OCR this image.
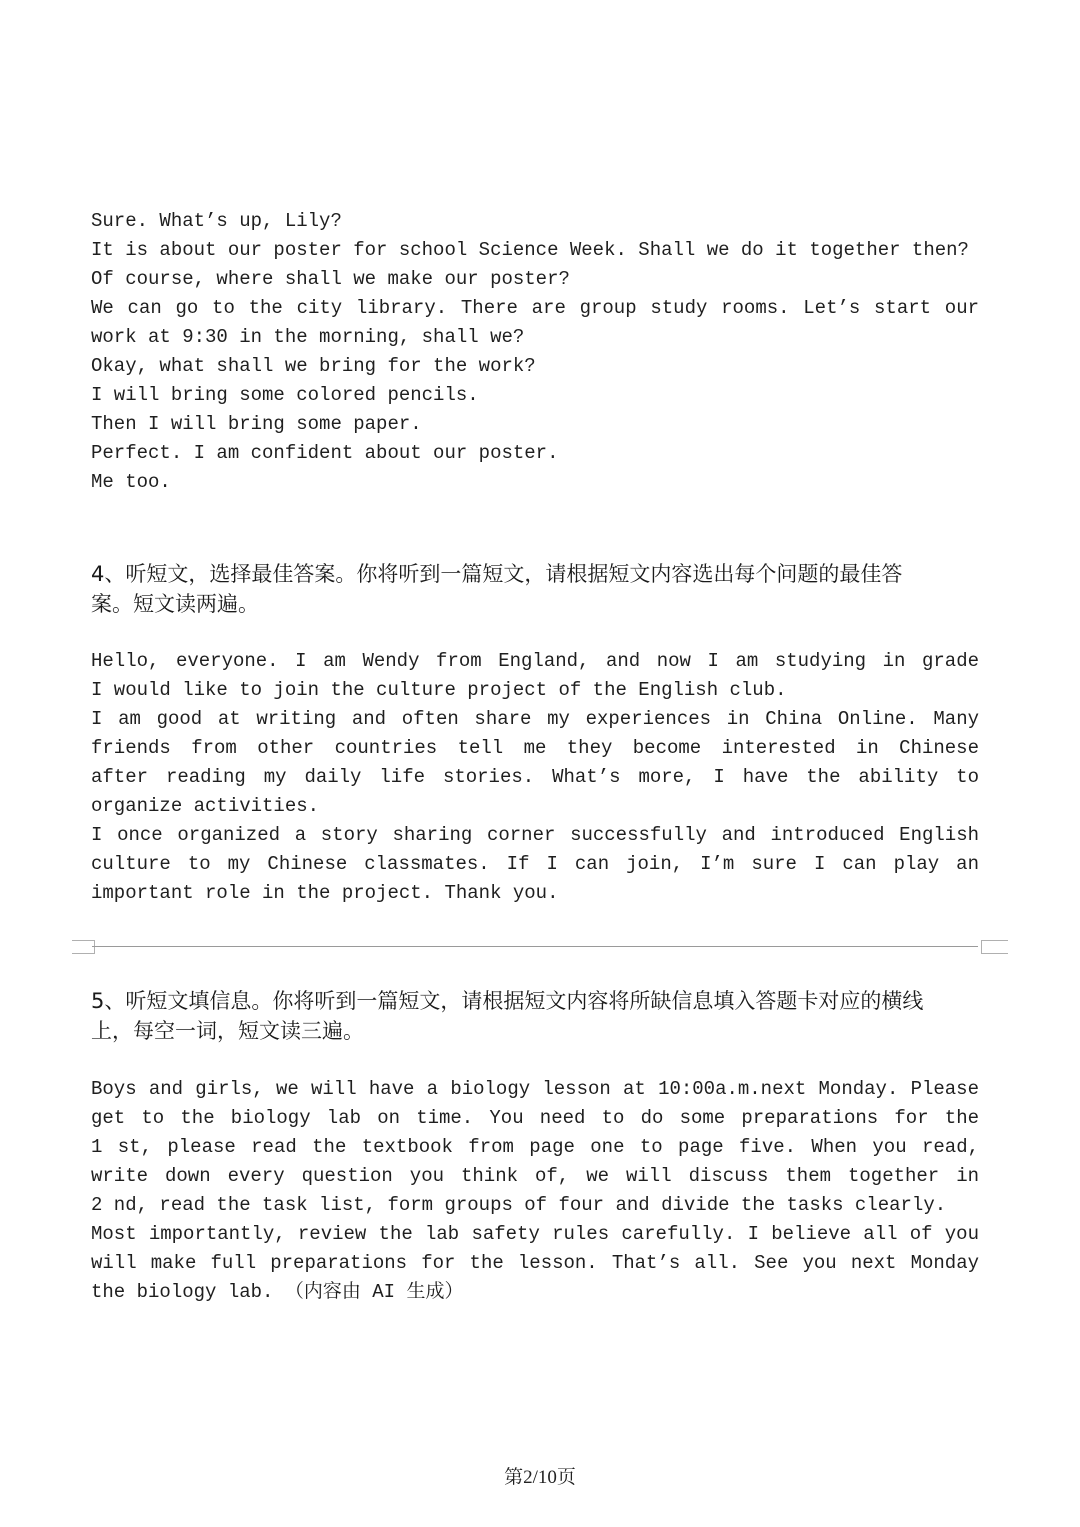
Sure. What’s up, Lily?
It is about our poster for school Science Week. Shall we do it together then?
Of course, where shall we make our poster?
We can go to the city library. There are group study rooms. Let’s start our
work at 9:30 in the morning, shall we?
Okay, what shall we bring for the work?
I will bring some colored pencils.
Then I will bring some paper.
Perfect. I am confident about our poster.
Me too.
4、听短文，选择最佳答案。你将听到一篇短文，请根据短文内容选出每个问题的最佳答
案。短文读两遍。
Hello, everyone. I am Wendy from England, and now I am studying in grade
I would like to join the culture project of the English club.
I am good at writing and often share my experiences in China Online. Many
friends from other countries tell me they become interested in Chinese
after reading my daily life stories. What’s more, I have the ability to
organize activities.
I once organized a story sharing corner successfully and introduced English
culture to my Chinese classmates. If I can join, I’m sure I can play an
important role in the project. Thank you.
5、听短文填信息。你将听到一篇短文，请根据短文内容将所缺信息填入答题卡对应的横线
上，每空一词，短文读三遍。
Boys and girls, we will have a biology lesson at 10:00a.m.next Monday. Please
get to the biology lab on time. You need to do some preparations for the
1 st, please read the textbook from page one to page five. When you read,
write down every question you think of, we will discuss them together in
2 nd, read the task list, form groups of four and divide the tasks clearly.
Most importantly, review the lab safety rules carefully. I believe all of you
will make full preparations for the lesson. That’s all. See you next Monday
the biology lab. （内容由 AI 生成）
第2/10页
